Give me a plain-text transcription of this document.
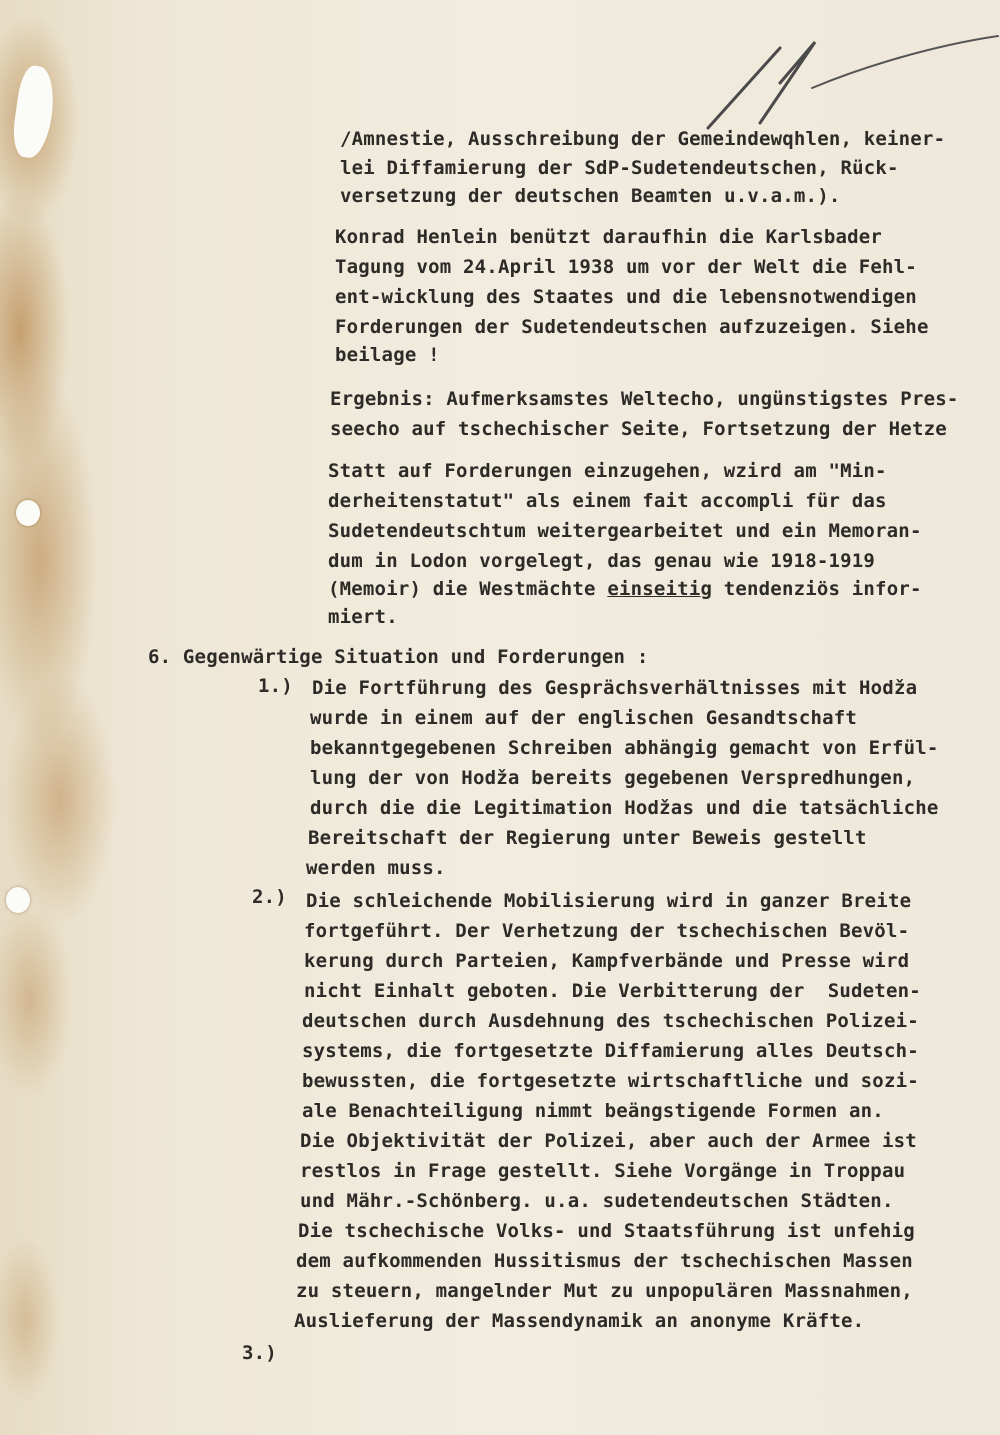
17
/Amnestie, Ausschreibung der Gemeindewqhlen, keiner-
lei Diffamierung der SdP-Sudetendeutschen, Rück-
versetzung der deutschen Beamten u.v.a.m.).
Konrad Henlein benützt daraufhin die Karlsbader
Tagung vom 24.April 1938 um vor der Welt die Fehl-
ent-wicklung des Staates und die lebensnotwendigen
Forderungen der Sudetendeutschen aufzuzeigen. Siehe
beilage !
Ergebnis: Aufmerksamstes Weltecho, ungünstigstes Pres-
seecho auf tschechischer Seite, Fortsetzung der Hetze
Statt auf Forderungen einzugehen, wzird am "Min-
derheitenstatut" als einem fait accompli für das
Sudetendeutschtum weitergearbeitet und ein Memoran-
dum in Lodon vorgelegt, das genau wie 1918-1919
(Memoir) die Westmächte einseitig tendenziös infor-
miert.
6. Gegenwärtige Situation und Forderungen :
1.) Die Fortführung des Gesprächsverhältnisses mit Hodža
wurde in einem auf der englischen Gesandtschaft
bekanntgegebenen Schreiben abhängig gemacht von Erfül-
lung der von Hodža bereits gegebenen Verspredhungen,
durch die die Legitimation Hodžas und die tatsächliche
Bereitschaft der Regierung unter Beweis gestellt
werden muss.
2.) Die schleichende Mobilisierung wird in ganzer Breite
fortgeführt. Der Verhetzung der tschechischen Bevöl-
kerung durch Parteien, Kampfverbände und Presse wird
nicht Einhalt geboten. Die Verbitterung der  Sudeten-
deutschen durch Ausdehnung des tschechischen Polizei-
systems, die fortgesetzte Diffamierung alles Deutsch-
bewussten, die fortgesetzte wirtschaftliche und sozi-
ale Benachteiligung nimmt beängstigende Formen an.
Die Objektivität der Polizei, aber auch der Armee ist
restlos in Frage gestellt. Siehe Vorgänge in Troppau
und Mähr.-Schönberg. u.a. sudetendeutschen Städten.
Die tschechische Volks- und Staatsführung ist unfehig
dem aufkommenden Hussitismus der tschechischen Massen
zu steuern, mangelnder Mut zu unpopulären Massnahmen,
Auslieferung der Massendynamik an anonyme Kräfte.
3.)
